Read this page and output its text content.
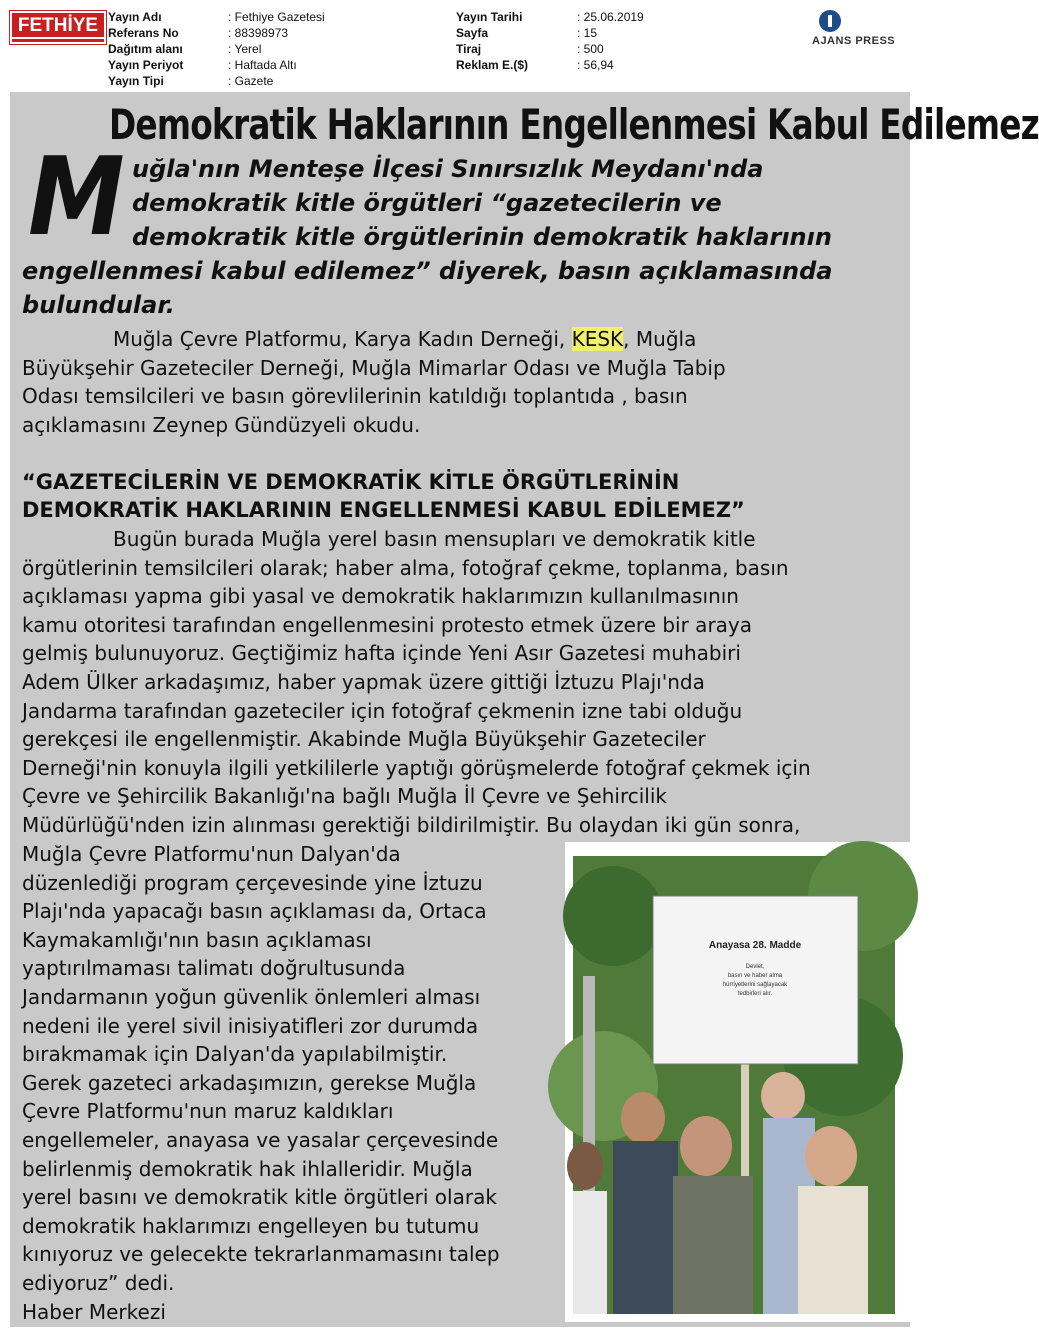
FETHİYE Yayın Adı
Referans No
Dağıtım alanı
Yayın Periyot
Yayın Tipi
: Fethiye Gazetesi
: 88398973
: Yerel
: Haftada Altı
: Gazete
Yayın Tarihi
Sayfa
Tiraj
Reklam E.($)
: 25.06.2019
: 15
: 500
: 56,94
AJANS PRESS
Demokratik Haklarının Engellenmesi Kabul Edilemez
M uğla'nın Menteşe İlçesi Sınırsızlık Meydanı'nda
demokratik kitle örgütleri “gazetecilerin ve
demokratik kitle örgütlerinin demokratik haklarının
engellenmesi kabul edilemez” diyerek, basın açıklamasında
bulundular.
Muğla Çevre Platformu, Karya Kadın Derneği, KESK, Muğla
Büyükşehir Gazeteciler Derneği, Muğla Mimarlar Odası ve Muğla Tabip
Odası temsilcileri ve basın görevlilerinin katıldığı toplantıda , basın
açıklamasını Zeynep Gündüzyeli okudu.
“GAZETECİLERİN VE DEMOKRATİK KİTLE ÖRGÜTLERİNİN
DEMOKRATİK HAKLARININ ENGELLENMESİ KABUL EDİLEMEZ”
Bugün burada Muğla yerel basın mensupları ve demokratik kitle
örgütlerinin temsilcileri olarak; haber alma, fotoğraf çekme, toplanma, basın
açıklaması yapma gibi yasal ve demokratik haklarımızın kullanılmasının
kamu otoritesi tarafından engellenmesini protesto etmek üzere bir araya
gelmiş bulunuyoruz. Geçtiğimiz hafta içinde Yeni Asır Gazetesi muhabiri
Adem Ülker arkadaşımız, haber yapmak üzere gittiği İztuzu Plajı'nda
Jandarma tarafından gazeteciler için fotoğraf çekmenin izne tabi olduğu
gerekçesi ile engellenmiştir. Akabinde Muğla Büyükşehir Gazeteciler
Derneği'nin konuyla ilgili yetkililerle yaptığı görüşmelerde fotoğraf çekmek için
Çevre ve Şehircilik Bakanlığı'na bağlı Muğla İl Çevre ve Şehircilik
Müdürlüğü'nden izin alınması gerektiği bildirilmiştir. Bu olaydan iki gün sonra,
Muğla Çevre Platformu'nun Dalyan'da
düzenlediği program çerçevesinde yine İztuzu
Plajı'nda yapacağı basın açıklaması da, Ortaca
Kaymakamlığı'nın basın açıklaması
yaptırılmaması talimatı doğrultusunda
Jandarmanın yoğun güvenlik önlemleri alması
nedeni ile yerel sivil inisiyatifleri zor durumda
bırakmamak için Dalyan'da yapılabilmiştir.
Gerek gazeteci arkadaşımızın, gerekse Muğla
Çevre Platformu'nun maruz kaldıkları
engellemeler, anayasa ve yasalar çerçevesinde
belirlenmiş demokratik hak ihlalleridir. Muğla
yerel basını ve demokratik kitle örgütleri olarak
demokratik haklarımızı engelleyen bu tutumu
kınıyoruz ve gelecekte tekrarlanmamasını talep
ediyoruz” dedi.
Haber Merkezi
Anayasa 28. Madde
Devlet,
basın ve haber alma
hürriyetlerini sağlayacak
tedbirleri alır.
